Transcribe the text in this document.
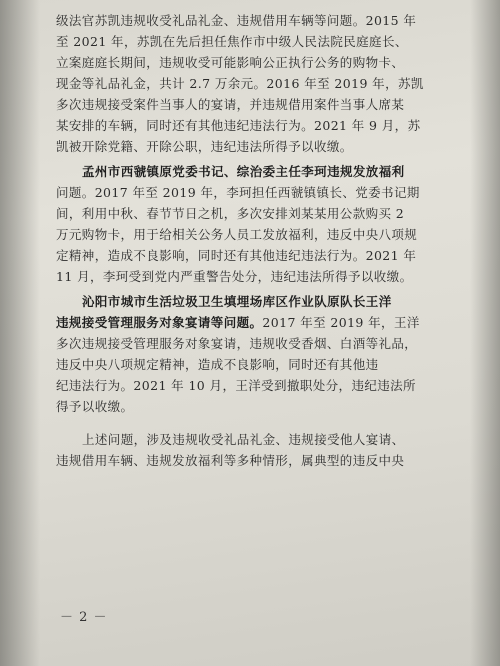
级法官苏凯违规收受礼品礼金、违规借用车辆等问题。2015 年
至 2021 年，苏凯在先后担任焦作市中级人民法院民庭庭长、
立案庭庭长期间，违规收受可能影响公正执行公务的购物卡、
现金等礼品礼金，共计 2.7 万余元。2016 年至 2019 年，苏凯
多次违规接受案件当事人的宴请，并违规借用案件当事人席某
某安排的车辆，同时还有其他违纪违法行为。2021 年 9 月，苏
凯被开除党籍、开除公职，违纪违法所得予以收缴。
孟州市西虢镇原党委书记、综治委主任李珂违规发放福利
问题。2017 年至 2019 年，李珂担任西虢镇镇长、党委书记期
间，利用中秋、春节节日之机，多次安排刘某某用公款购买 2
万元购物卡，用于给相关公务人员工发放福利，违反中央八项规
定精神，造成不良影响，同时还有其他违纪违法行为。2021 年
11 月，李珂受到党内严重警告处分，违纪违法所得予以收缴。
沁阳市城市生活垃圾卫生填埋场库区作业队原队长王洋
违规接受管理服务对象宴请等问题。2017 年至 2019 年，王洋
多次违规接受管理服务对象宴请，违规收受香烟、白酒等礼品，
违反中央八项规定精神，造成不良影响，同时还有其他违
纪违法行为。2021 年 10 月，王洋受到撤职处分，违纪违法所
得予以收缴。
上述问题，涉及违规收受礼品礼金、违规接受他人宴请、
违规借用车辆、违规发放福利等多种情形，属典型的违反中央
－ 2 －
